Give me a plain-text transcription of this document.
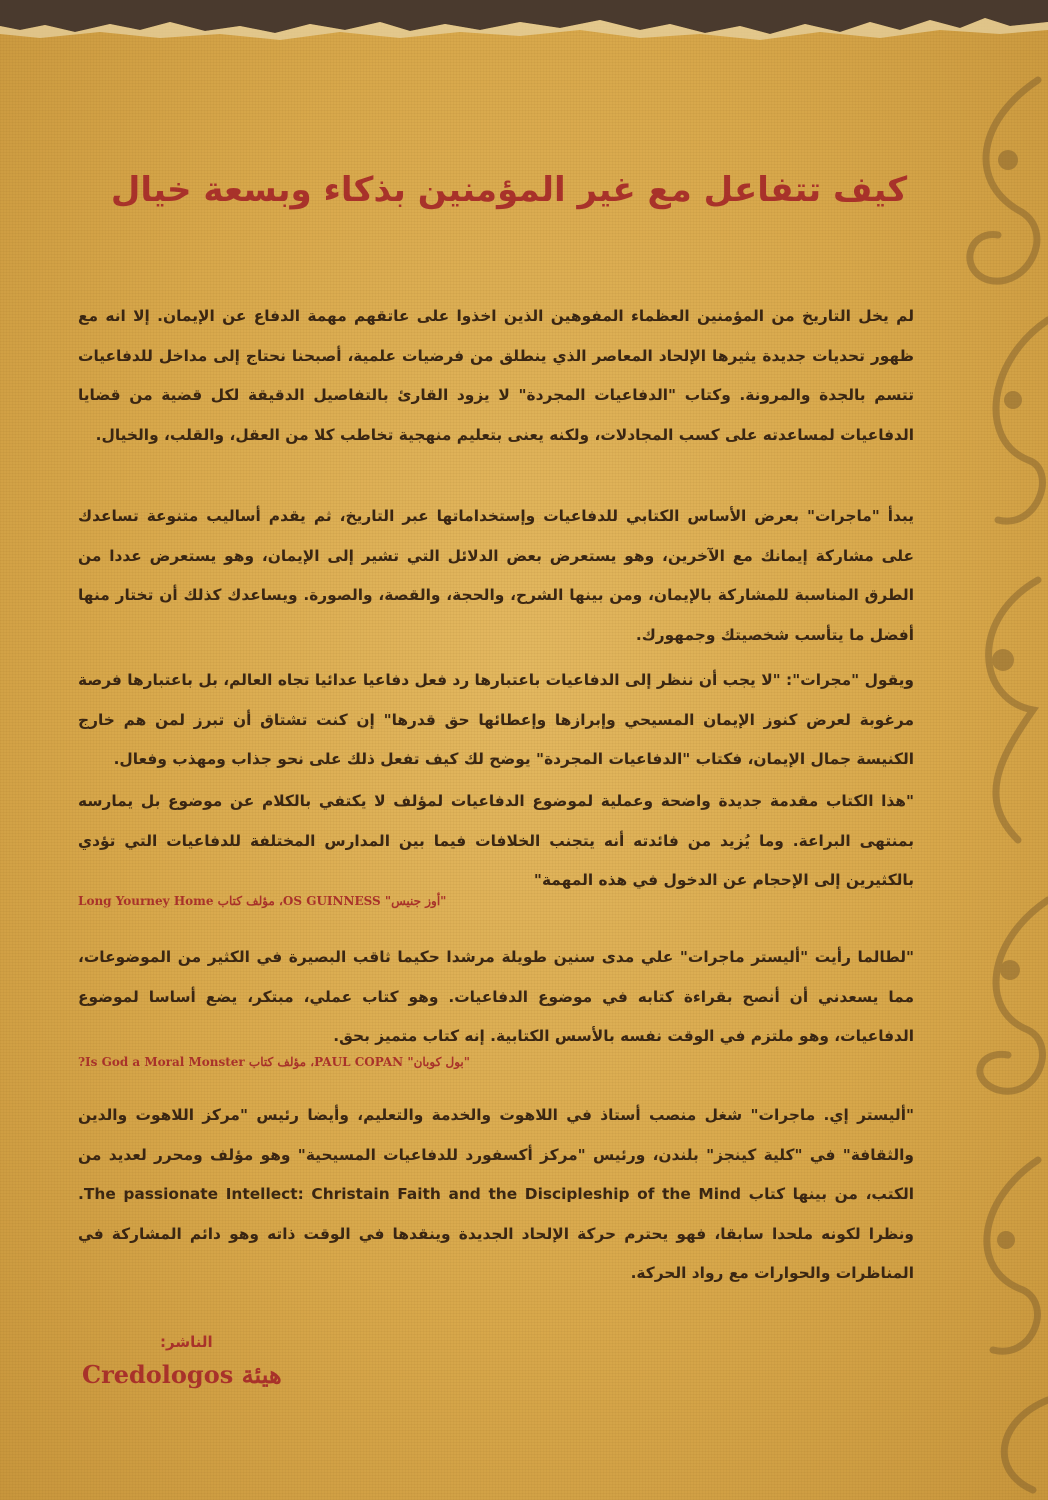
كيف تتفاعل مع غير المؤمنين بذكاء وبسعة خيال
لم يخل التاريخ من المؤمنين العظماء المفوهين الذين اخذوا على عاتقهم مهمة الدفاع عن الإيمان. إلا انه مع ظهور تحديات جديدة يثيرها الإلحاد المعاصر الذي ينطلق من فرضيات علمية، أصبحنا نحتاج إلى مداخل للدفاعيات تتسم بالجدة والمرونة. وكتاب "الدفاعيات المجردة" لا يزود القارئ بالتفاصيل الدقيقة لكل قضية من قضايا الدفاعيات لمساعدته على كسب المجادلات، ولكنه يعنى بتعليم منهجية تخاطب كلا من العقل، والقلب، والخيال.
يبدأ "ماجرات" بعرض الأساس الكتابي للدفاعيات وإستخداماتها عبر التاريخ، ثم يقدم أساليب متنوعة تساعدك على مشاركة إيمانك مع الآخرين، وهو يستعرض بعض الدلائل التي تشير إلى الإيمان، وهو يستعرض عددا من الطرق المناسبة للمشاركة بالإيمان، ومن بينها الشرح، والحجة، والقصة، والصورة. ويساعدك كذلك أن تختار منها أفضل ما يتأسب شخصيتك وجمهورك.
ويقول "مجرات": "لا يجب أن ننظر إلى الدفاعيات باعتبارها رد فعل دفاعيا عدائيا تجاه العالم، بل باعتبارها فرصة مرغوبة لعرض كنوز الإيمان المسيحي وإبرازها وإعطائها حق قدرها" إن كنت تشتاق أن تبرز لمن هم خارج الكنيسة جمال الإيمان، فكتاب "الدفاعيات المجردة" يوضح لك كيف تفعل ذلك على نحو جذاب ومهذب وفعال.
"هذا الكتاب مقدمة جديدة واضحة وعملية لموضوع الدفاعيات لمؤلف لا يكتفي بالكلام عن موضوع بل يمارسه بمنتهى البراعة. وما يُزيد من فائدته أنه يتجنب الخلافات فيما بين المدارس المختلفة للدفاعيات التي تؤدي بالكثيرين إلى الإحجام عن الدخول في هذه المهمة"
"أوز جنيس" OS GUINNESS، مؤلف كتاب Long Yourney Home
"لطالما رأيت "أليستر ماجرات" علي مدى سنين طويلة مرشدا حكيما ثاقب البصيرة في الكثير من الموضوعات، مما يسعدني أن أنصح بقراءة كتابه في موضوع الدفاعيات. وهو كتاب عملي، مبتكر، يضع أساسا لموضوع الدفاعيات، وهو ملتزم في الوقت نفسه بالأسس الكتابية. إنه كتاب متميز بحق.
"بول كوبان" PAUL COPAN، مؤلف كتاب Is God a Moral Monster?
"أليستر إي. ماجرات" شغل منصب أستاذ في اللاهوت والخدمة والتعليم، وأيضا رئيس "مركز اللاهوت والدين والثقافة" في "كلية كينجز" بلندن، ورئيس "مركز أكسفورد للدفاعيات المسيحية" وهو مؤلف ومحرر لعديد من الكتب، من بينها كتاب The passionate Intellect: Christain Faith and the Discipleship of the Mind. ونظرا لكونه ملحدا سابقا، فهو يحترم حركة الإلحاد الجديدة وينقدها في الوقت ذاته وهو دائم المشاركة في المناظرات والحوارات مع رواد الحركة.
الناشر:
هيئة Credologos
